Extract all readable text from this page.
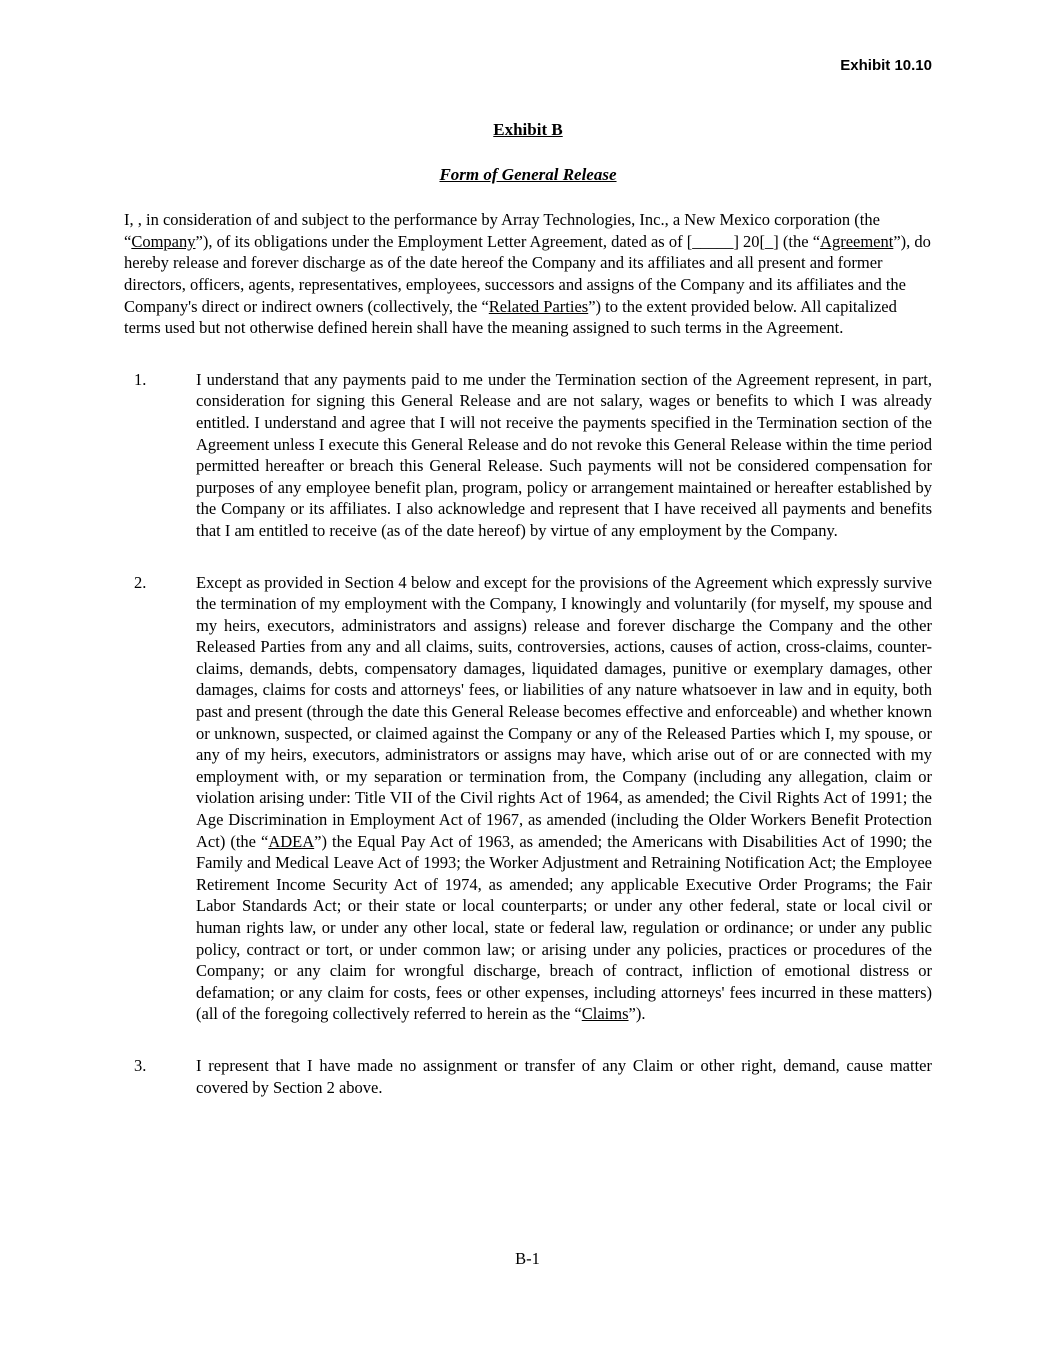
Exhibit 10.10
Exhibit B
Form of General Release

I, , in consideration of and subject to the performance by Array Technologies, Inc., a New Mexico corporation (the “Company”), of its obligations under the Employment Letter Agreement, dated as of [_____] 20[_] (the “Agreement”), do hereby release and forever discharge as of the date hereof the Company and its affiliates and all present and former directors, officers, agents, representatives, employees, successors and assigns of the Company and its affiliates and the Company's direct or indirect owners (collectively, the “Related Parties”) to the extent provided below. All capitalized terms used but not otherwise defined herein shall have the meaning assigned to such terms in the Agreement.

1.	I understand that any payments paid to me under the Termination section of the Agreement represent, in part, consideration for signing this General Release and are not salary, wages or benefits to which I was already entitled. I understand and agree that I will not receive the payments specified in the Termination section of the Agreement unless I execute this General Release and do not revoke this General Release within the time period permitted hereafter or breach this General Release. Such payments will not be considered compensation for purposes of any employee benefit plan, program, policy or arrangement maintained or hereafter established by the Company or its affiliates. I also acknowledge and represent that I have received all payments and benefits that I am entitled to receive (as of the date hereof) by virtue of any employment by the Company.
2.	Except as provided in Section 4 below and except for the provisions of the Agreement which expressly survive the termination of my employment with the Company, I knowingly and voluntarily (for myself, my spouse and my heirs, executors, administrators and assigns) release and forever discharge the Company and the other Released Parties from any and all claims, suits, controversies, actions, causes of action, cross-claims, counter-claims, demands, debts, compensatory damages, liquidated damages, punitive or exemplary damages, other damages, claims for costs and attorneys' fees, or liabilities of any nature whatsoever in law and in equity, both past and present (through the date this General Release becomes effective and enforceable) and whether known or unknown, suspected, or claimed against the Company or any of the Released Parties which I, my spouse, or any of my heirs, executors, administrators or assigns may have, which arise out of or are connected with my employment with, or my separation or termination from, the Company (including any allegation, claim or violation arising under: Title VII of the Civil rights Act of 1964, as amended; the Civil Rights Act of 1991; the Age Discrimination in Employment Act of 1967, as amended (including the Older Workers Benefit Protection Act) (the “ADEA”) the Equal Pay Act of 1963, as amended; the Americans with Disabilities Act of 1990; the Family and Medical Leave Act of 1993; the Worker Adjustment and Retraining Notification Act; the Employee Retirement Income Security Act of 1974, as amended; any applicable Executive Order Programs; the Fair Labor Standards Act; or their state or local counterparts; or under any other federal, state or local civil or human rights law, or under any other local, state or federal law, regulation or ordinance; or under any public policy, contract or tort, or under common law; or arising under any policies, practices or procedures of the Company; or any claim for wrongful discharge, breach of contract, infliction of emotional distress or defamation; or any claim for costs, fees or other expenses, including attorneys' fees incurred in these matters) (all of the foregoing collectively referred to herein as the “Claims”).
3.	I represent that I have made no assignment or transfer of any Claim or other right, demand, cause matter covered by Section 2 above.
B-1
